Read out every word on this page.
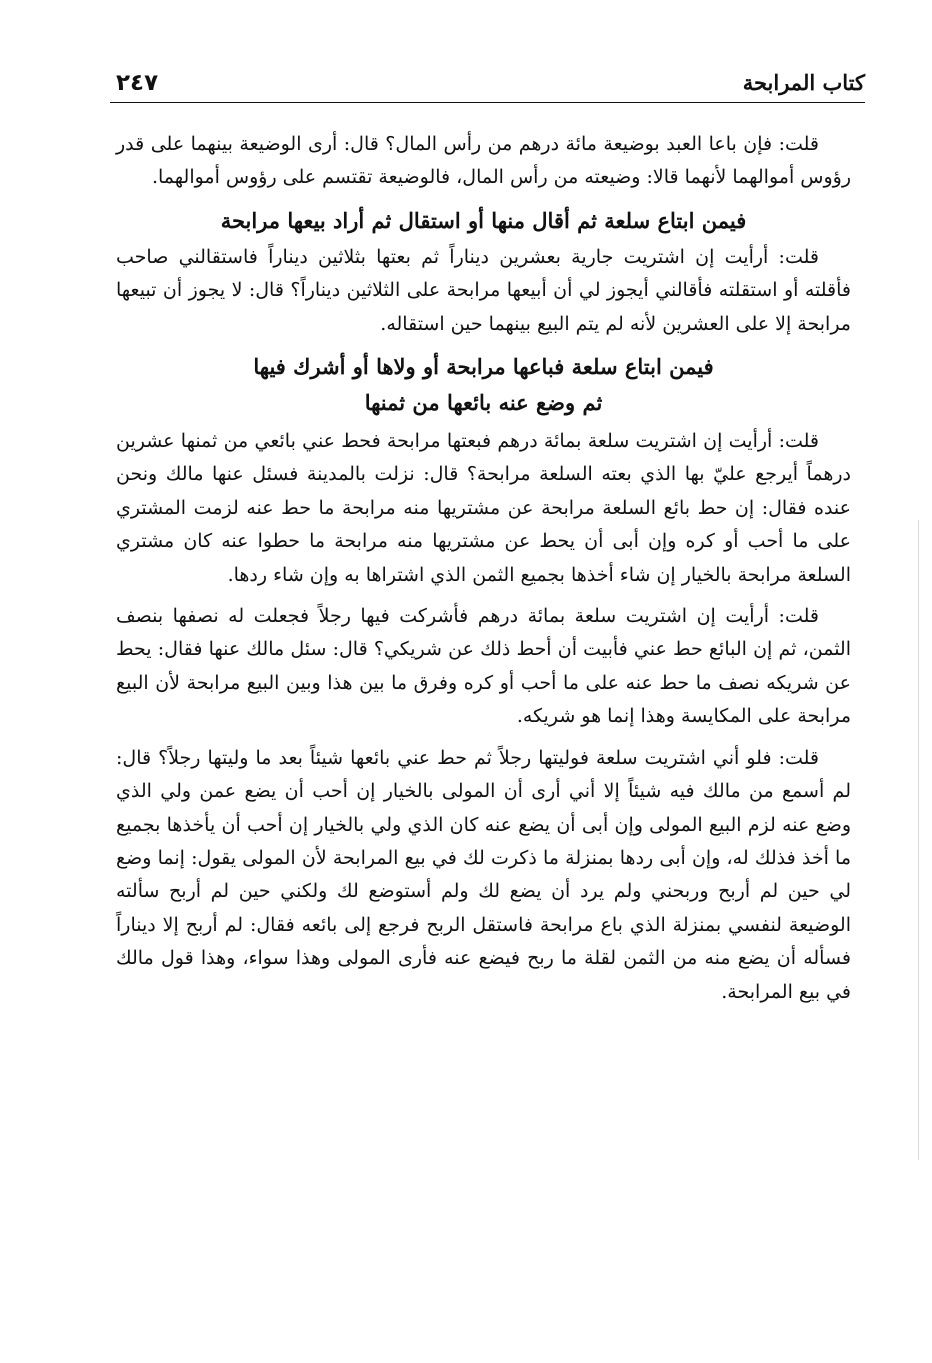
٢٤٧	كتاب المرابحة

قلت: فإن باعا العبد بوضيعة مائة درهم من رأس المال؟ قال: أرى الوضيعة بينهما على قدر رؤوس أموالهما لأنهما قالا: وضيعته من رأس المال، فالوضيعة تقتسم على رؤوس أموالهما.

فيمن ابتاع سلعة ثم أقال منها أو استقال ثم أراد بيعها مرابحة

قلت: أرأيت إن اشتريت جارية بعشرين ديناراً ثم بعتها بثلاثين ديناراً فاستقالني صاحب فأقلته أو استقلته فأقالني أيجوز لي أن أبيعها مرابحة على الثلاثين ديناراً؟ قال: لا يجوز أن تبيعها مرابحة إلا على العشرين لأنه لم يتم البيع بينهما حين استقاله.

فيمن ابتاع سلعة فباعها مرابحة أو ولاها أو أشرك فيها
ثم وضع عنه بائعها من ثمنها

قلت: أرأيت إن اشتريت سلعة بمائة درهم فبعتها مرابحة فحط عني بائعي من ثمنها عشرين درهماً أيرجع عليّ بها الذي بعته السلعة مرابحة؟ قال: نزلت بالمدينة فسئل عنها مالك ونحن عنده فقال: إن حط بائع السلعة مرابحة عن مشتريها منه مرابحة ما حط عنه لزمت المشتري على ما أحب أو كره وإن أبى أن يحط عن مشتريها منه مرابحة ما حطوا عنه كان مشتري السلعة مرابحة بالخيار إن شاء أخذها بجميع الثمن الذي اشتراها به وإن شاء ردها.

قلت: أرأيت إن اشتريت سلعة بمائة درهم فأشركت فيها رجلاً فجعلت له نصفها بنصف الثمن، ثم إن البائع حط عني فأبيت أن أحط ذلك عن شريكي؟ قال: سئل مالك عنها فقال: يحط عن شريكه نصف ما حط عنه على ما أحب أو كره وفرق ما بين هذا وبين البيع مرابحة لأن البيع مرابحة على المكايسة وهذا إنما هو شريكه.

قلت: فلو أني اشتريت سلعة فوليتها رجلاً ثم حط عني بائعها شيئاً بعد ما وليتها رجلاً؟ قال: لم أسمع من مالك فيه شيئاً إلا أني أرى أن المولى بالخيار إن أحب أن يضع عمن ولي الذي وضع عنه لزم البيع المولى وإن أبى أن يضع عنه كان الذي ولي بالخيار إن أحب أن يأخذها بجميع ما أخذ فذلك له، وإن أبى ردها بمنزلة ما ذكرت لك في بيع المرابحة لأن المولى يقول: إنما وضع لي حين لم أربح وربحني ولم يرد أن يضع لك ولم أستوضع لك ولكني حين لم أربح سألته الوضيعة لنفسي بمنزلة الذي باع مرابحة فاستقل الربح فرجع إلى بائعه فقال: لم أربح إلا ديناراً فسأله أن يضع منه من الثمن لقلة ما ربح فيضع عنه فأرى المولى وهذا سواء، وهذا قول مالك في بيع المرابحة.
